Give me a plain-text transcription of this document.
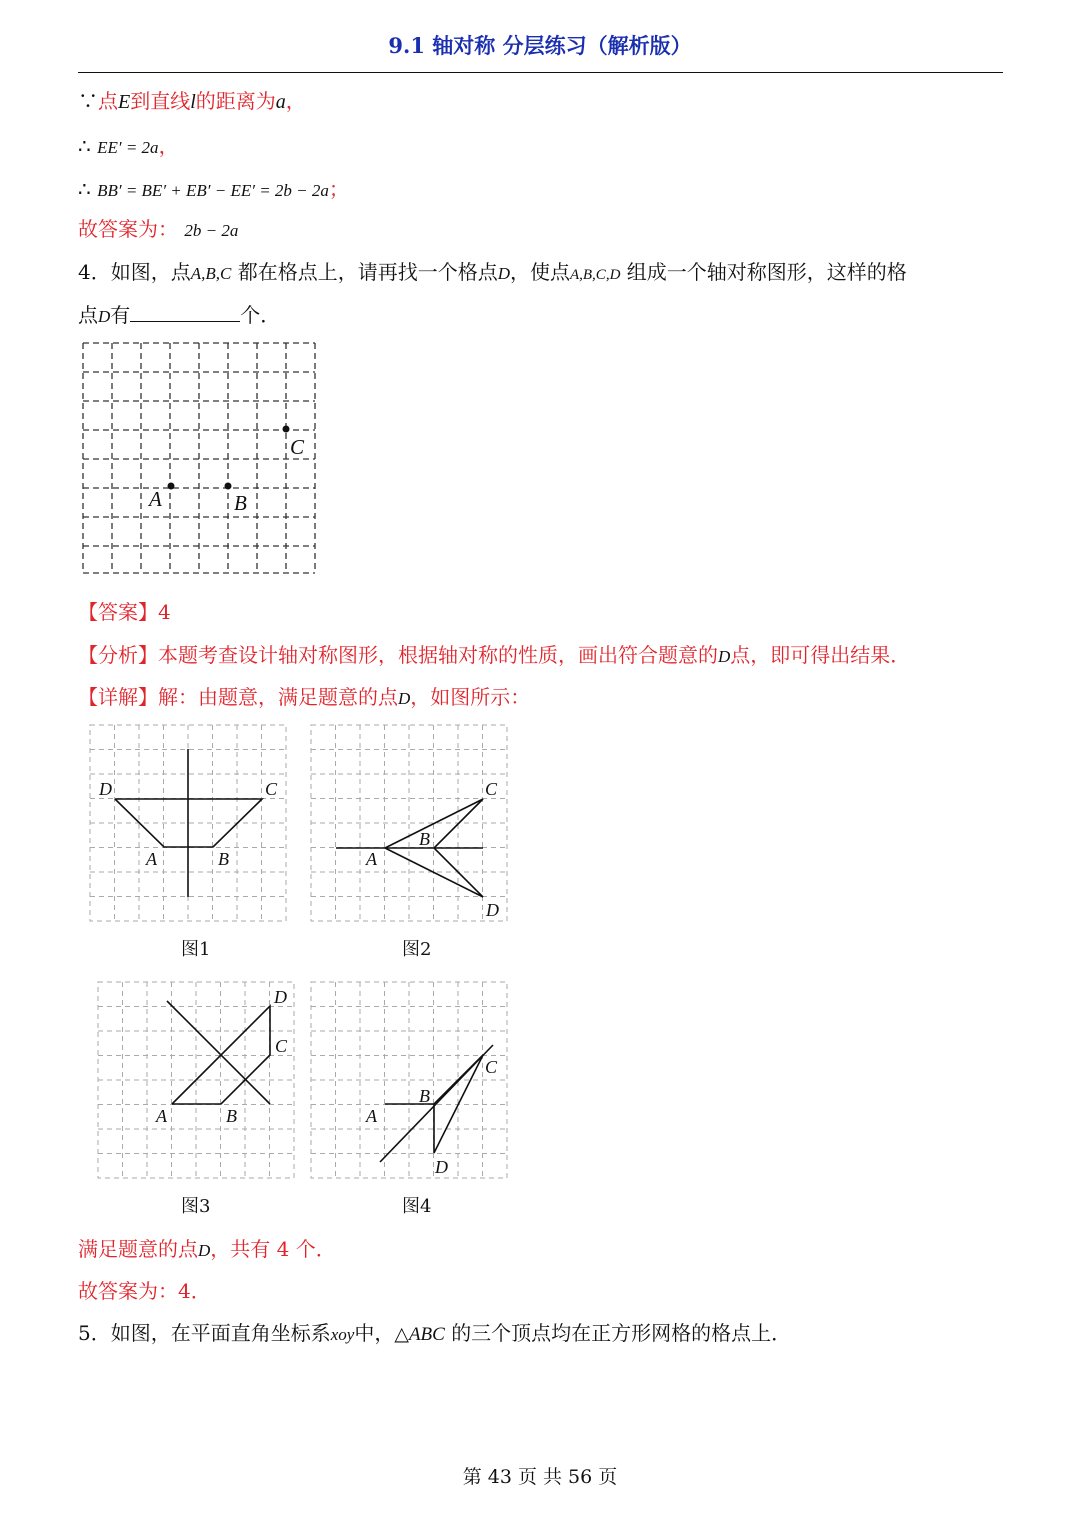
9.1 轴对称 分层练习（解析版）
∵点E到直线l的距离为a，
∴ EE′ = 2a，
∴ BB′ = BE′ + EB′ − EE′ = 2b − 2a；
故答案为： 2b − 2a
4．如图，点A,B,C 都在格点上，请再找一个格点D，使点A,B,C,D 组成一个轴对称图形，这样的格
点D有	个．
A	B
C
【答案】4
【分析】本题考查设计轴对称图形，根据轴对称的性质，画出符合题意的D点，即可得出结果．
【详解】解：由题意，满足题意的点D，如图所示：
D	C
A	B
图1
C
B
A
D
图2
D
C
A	B
图3
C
B
A
D
图4
满足题意的点D，共有 4 个．
故答案为：4．
5．如图，在平面直角坐标系xoy中，△ABC 的三个顶点均在正方形网格的格点上．
第 43 页 共 56 页
